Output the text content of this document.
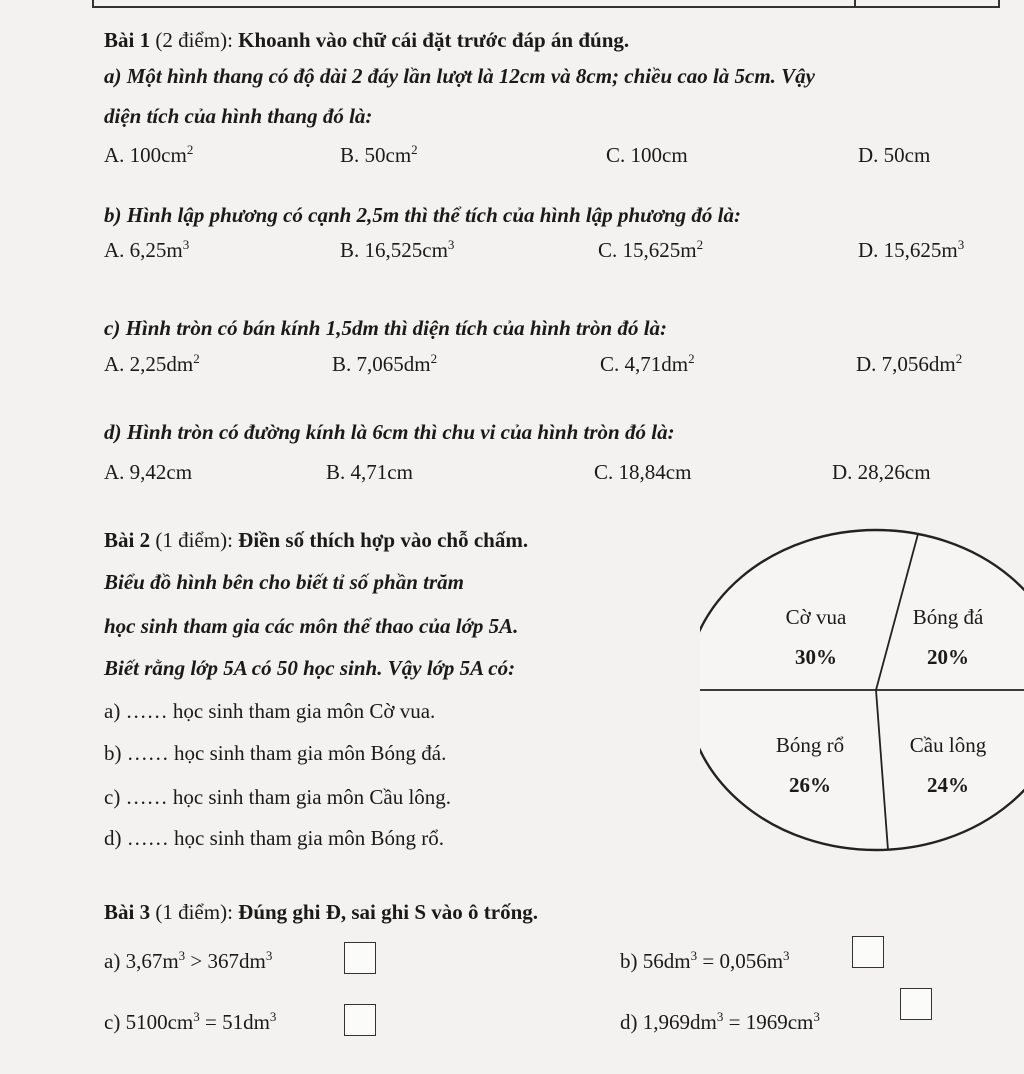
Bài 1 (2 điểm): Khoanh vào chữ cái đặt trước đáp án đúng.
a) Một hình thang có độ dài 2 đáy lần lượt là 12cm và 8cm; chiều cao là 5cm. Vậy
diện tích của hình thang đó là:
A. $100cm^2$	B. $50cm^2$	C. 100cm	D. 50cm
b) Hình lập phương có cạnh 2,5m thì thể tích của hình lập phương đó là:
A. $6,25m^3$	B. $16,525cm^3$	C. $15,625m^2$	D. $15,625m^3$
c) Hình tròn có bán kính 1,5dm thì diện tích của hình tròn đó là:
A. $2,25dm^2$	B. $7,065dm^2$	C. $4,71dm^2$	D. $7,056dm^2$
d) Hình tròn có đường kính là 6cm thì chu vi của hình tròn đó là:
A. 9,42cm	B. 4,71cm	C. 18,84cm	D. 28,26cm
Bài 2 (1 điểm): Điền số thích hợp vào chỗ chấm.
Biểu đồ hình bên cho biết tỉ số phần trăm
học sinh tham gia các môn thể thao của lớp 5A.
Biết rằng lớp 5A có 50 học sinh. Vậy lớp 5A có:
a) …… học sinh tham gia môn Cờ vua.
b) …… học sinh tham gia môn Bóng đá.
c) …… học sinh tham gia môn Cầu lông.
d) …… học sinh tham gia môn Bóng rổ.
Cờ vua
30%
Bóng đá
20%
Bóng rổ
26%
Cầu lông
24%
Bài 3 (1 điểm): Đúng ghi Đ, sai ghi S vào ô trống.
a) $3,67m^3 > 367dm^3$	b) $56dm^3 = 0,056m^3$
c) $5100cm^3 = 51dm^3$	d) $1,969dm^3 = 1969cm^3$
